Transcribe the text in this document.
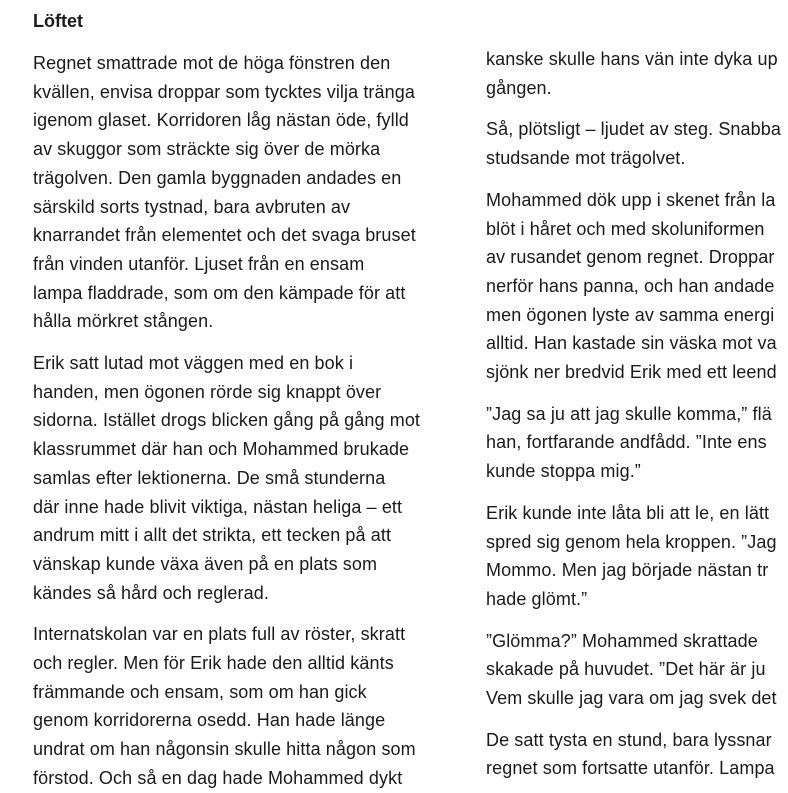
Löftet
Regnet smattrade mot de höga fönstren den
kvällen, envisa droppar som tycktes vilja tränga
igenom glaset. Korridoren låg nästan öde, fylld
av skuggor som sträckte sig över de mörka
trägolven. Den gamla byggnaden andades en
särskild sorts tystnad, bara avbruten av
knarrandet från elementet och det svaga bruset
från vinden utanför. Ljuset från en ensam
lampa fladdrade, som om den kämpade för att
hålla mörkret stången.
Erik satt lutad mot väggen med en bok i
handen, men ögonen rörde sig knappt över
sidorna. Istället drogs blicken gång på gång mot
klassrummet där han och Mohammed brukade
samlas efter lektionerna. De små stunderna
där inne hade blivit viktiga, nästan heliga – ett
andrum mitt i allt det strikta, ett tecken på att
vänskap kunde växa även på en plats som
kändes så hård och reglerad.
Internatskolan var en plats full av röster, skratt
och regler. Men för Erik hade den alltid känts
främmande och ensam, som om han gick
genom korridorerna osedd. Han hade länge
undrat om han någonsin skulle hitta någon som
förstod. Och så en dag hade Mohammed dykt
kanske skulle hans vän inte dyka up
gången.
Så, plötsligt – ljudet av steg. Snabba
studsande mot trägolvet.
Mohammed dök upp i skenet från la
blöt i håret och med skoluniformen
av rusandet genom regnet. Droppar
nerför hans panna, och han andade
men ögonen lyste av samma energi
alltid. Han kastade sin väska mot va
sjönk ner bredvid Erik med ett leend
”Jag sa ju att jag skulle komma,” flä
han, fortfarande andfådd. ”Inte ens
kunde stoppa mig.”
Erik kunde inte låta bli att le, en lätt
spred sig genom hela kroppen. ”Jag
Mommo. Men jag började nästan tr
hade glömt.”
”Glömma?” Mohammed skrattade
skakade på huvudet. ”Det här är ju
Vem skulle jag vara om jag svek det
De satt tysta en stund, bara lyssnar
regnet som fortsatte utanför. Lampa
